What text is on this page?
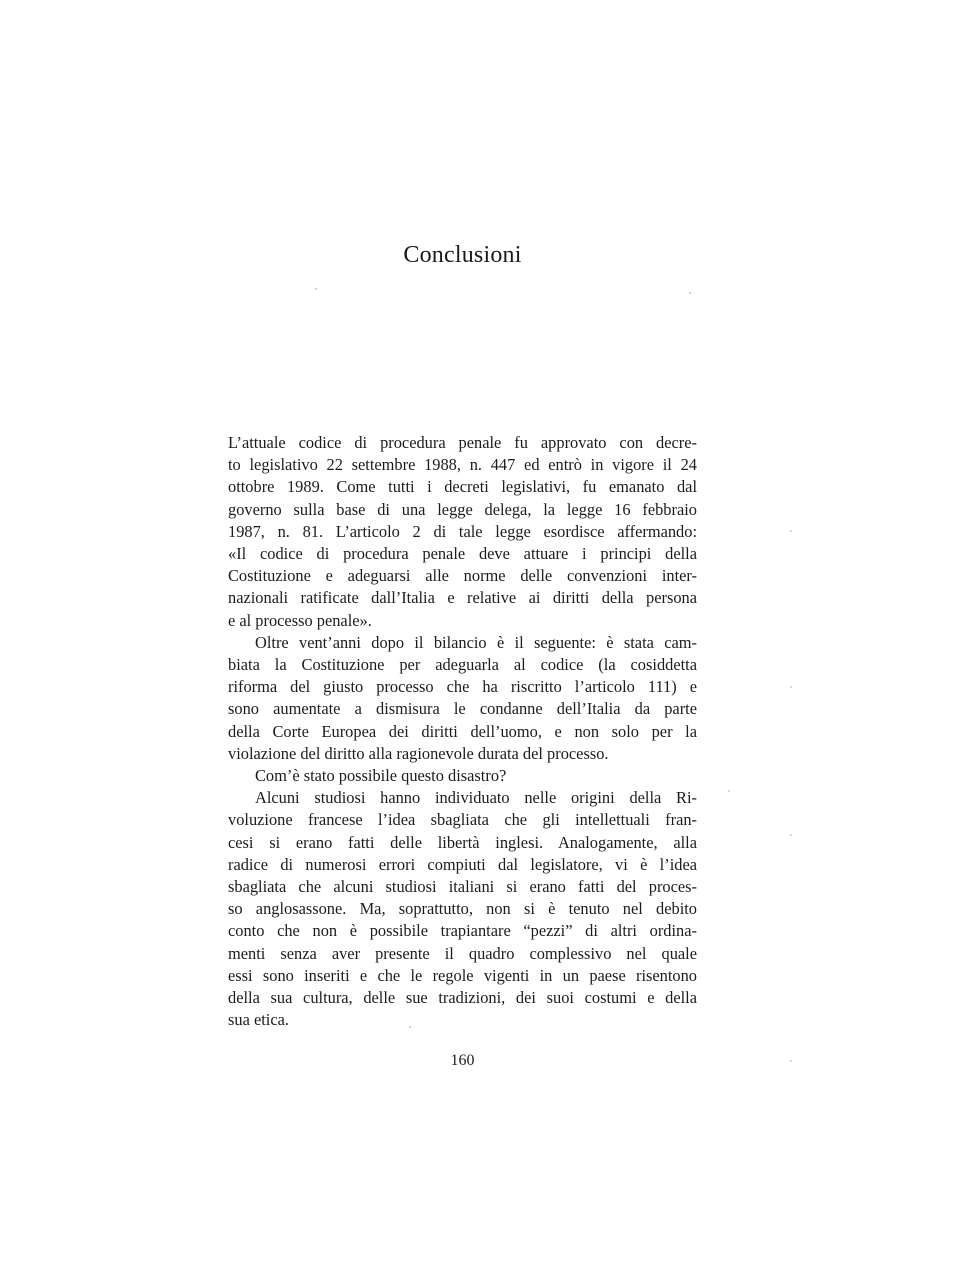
Conclusioni
L’attuale codice di procedura penale fu approvato con decre-
to legislativo 22 settembre 1988, n. 447 ed entrò in vigore il 24
ottobre 1989. Come tutti i decreti legislativi, fu emanato dal
governo sulla base di una legge delega, la legge 16 febbraio
1987, n. 81. L’articolo 2 di tale legge esordisce affermando:
«Il codice di procedura penale deve attuare i principi della
Costituzione e adeguarsi alle norme delle convenzioni inter-
nazionali ratificate dall’Italia e relative ai diritti della persona
e al processo penale».
Oltre vent’anni dopo il bilancio è il seguente: è stata cam-
biata la Costituzione per adeguarla al codice (la cosiddetta
riforma del giusto processo che ha riscritto l’articolo 111) e
sono aumentate a dismisura le condanne dell’Italia da parte
della Corte Europea dei diritti dell’uomo, e non solo per la
violazione del diritto alla ragionevole durata del processo.
Com’è stato possibile questo disastro?
Alcuni studiosi hanno individuato nelle origini della Ri-
voluzione francese l’idea sbagliata che gli intellettuali fran-
cesi si erano fatti delle libertà inglesi. Analogamente, alla
radice di numerosi errori compiuti dal legislatore, vi è l’idea
sbagliata che alcuni studiosi italiani si erano fatti del proces-
so anglosassone. Ma, soprattutto, non si è tenuto nel debito
conto che non è possibile trapiantare “pezzi” di altri ordina-
menti senza aver presente il quadro complessivo nel quale
essi sono inseriti e che le regole vigenti in un paese risentono
della sua cultura, delle sue tradizioni, dei suoi costumi e della
sua etica.
160
